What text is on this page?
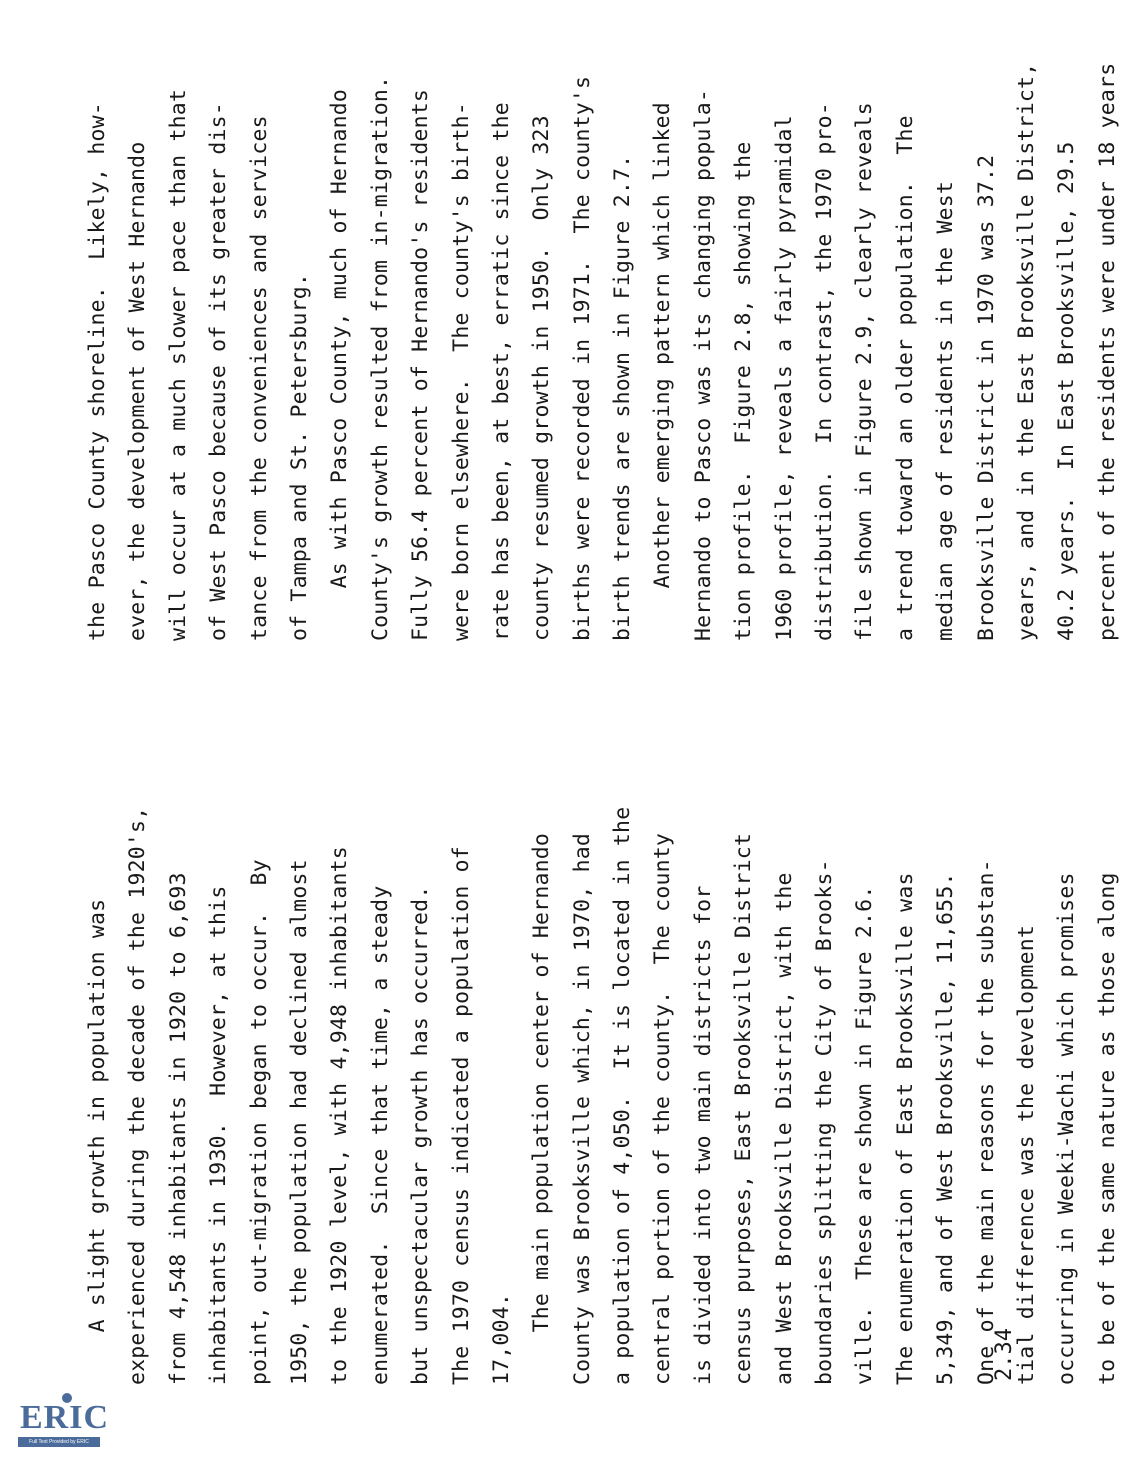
A slight growth in population was experienced during the decade of the 1920's, from 4,548 inhabitants in 1920 to 6,693 inhabitants in 1930.  However, at this point, out-migration began to occur.  By 1950, the population had declined almost to the 1920 level, with 4,948 inhabitants enumerated.  Since that time, a steady but unspectacular growth has occurred. The 1970 census indicated a population of 17,004. The main population center of Hernando County was Brooksville which, in 1970, had a population of 4,050.  It is located in the central portion of the county.  The county is divided into two main districts for census purposes, East Brooksville District and West Brooksville District, with the boundaries splitting the City of Brooks- ville.  These are shown in Figure 2.6. The enumeration of East Brooksville was 5,349, and of West Brooksville, 11,655. One of the main reasons for the substan- tial difference was the development occurring in Weeki-Wachi which promises to be of the same nature as those along
the Pasco County shoreline.  Likely, how- ever, the development of West Hernando will occur at a much slower pace than that of West Pasco because of its greater dis- tance from the conveniences and services of Tampa and St. Petersburg. As with Pasco County, much of Hernando County's growth resulted from in-migration. Fully 56.4 percent of Hernando's residents were born elsewhere.  The county's birth- rate has been, at best, erratic since the county resumed growth in 1950.  Only 323 births were recorded in 1971.  The county's birth trends are shown in Figure 2.7. Another emerging pattern which linked Hernando to Pasco was its changing popula- tion profile.  Figure 2.8, showing the 1960 profile, reveals a fairly pyramidal distribution.  In contrast, the 1970 pro- file shown in Figure 2.9, clearly reveals a trend toward an older population.  The median age of residents in the West Brooksville District in 1970 was 37.2 years, and in the East Brooksville District, 40.2 years.  In East Brooksville, 29.5 percent of the residents were under 18 years
2.34
ERIC
Full Text Provided by ERIC
